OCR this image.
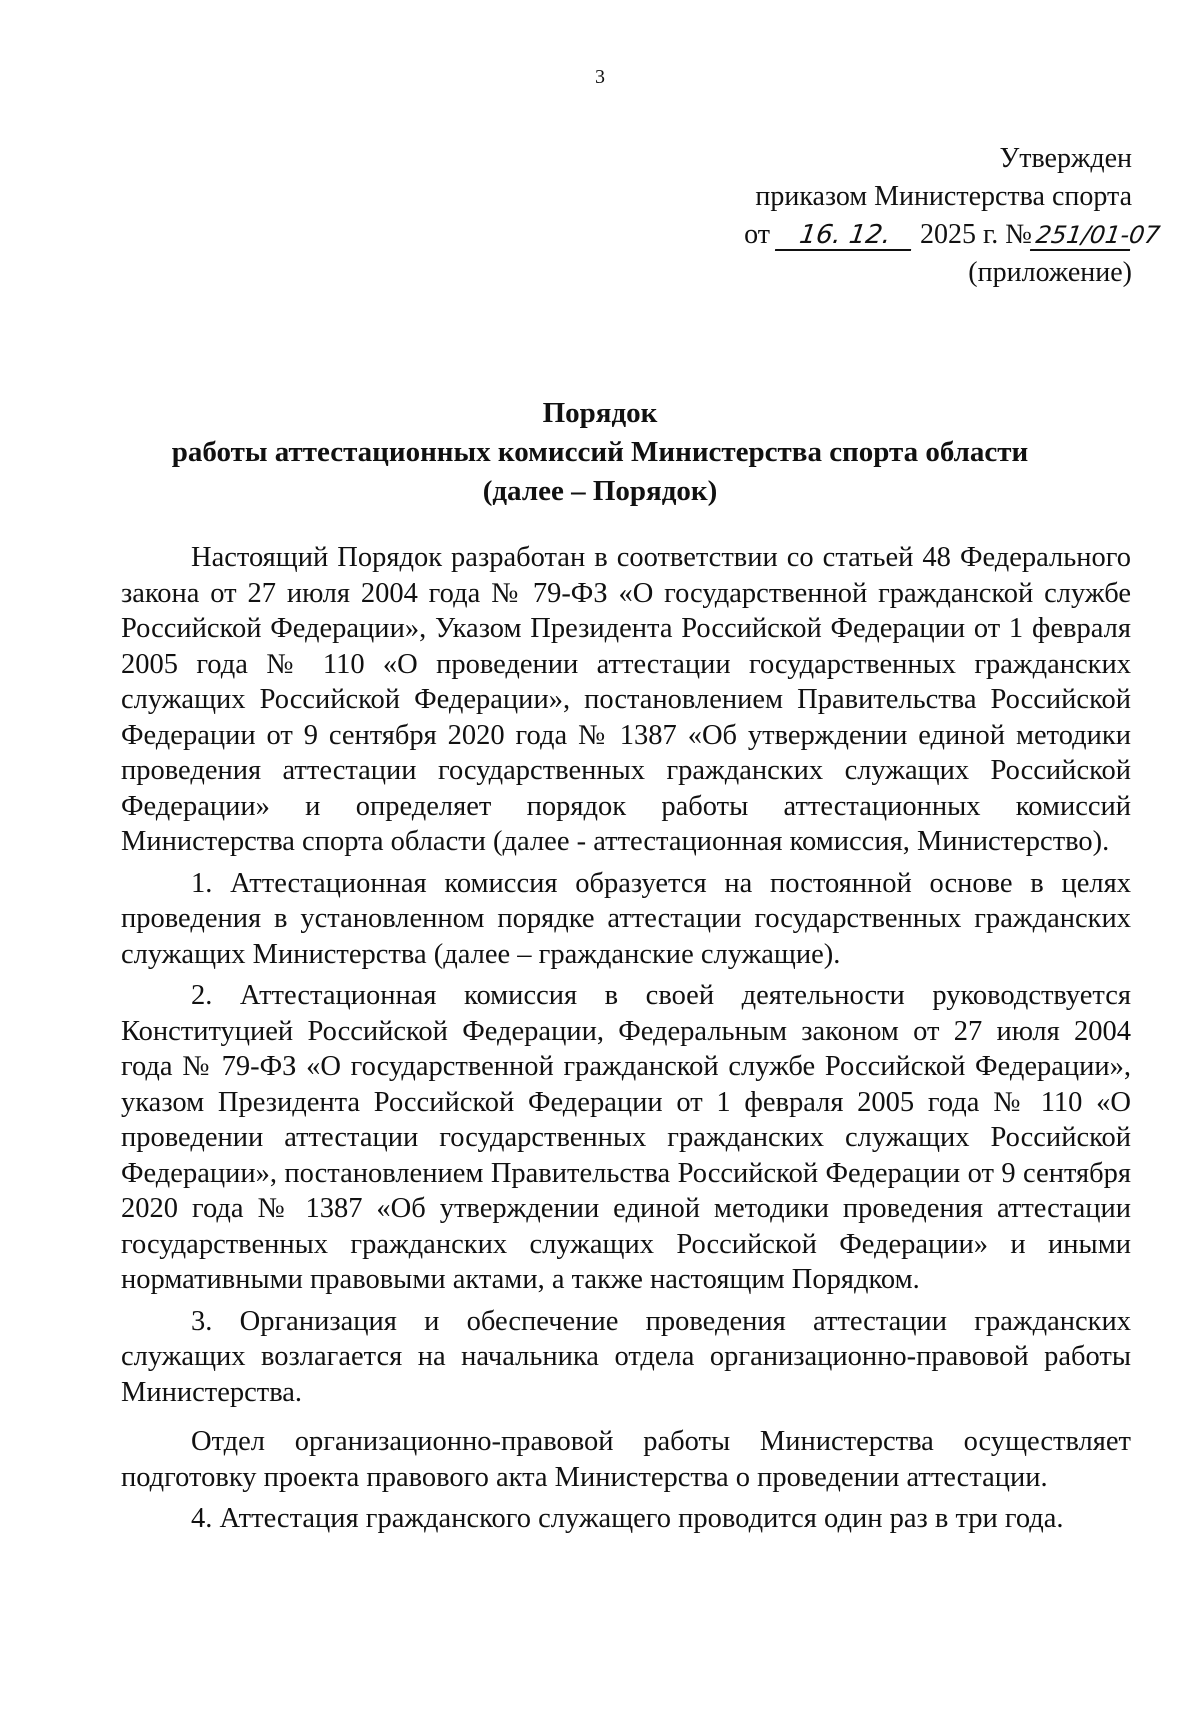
3
Утвержден
приказом Министерства спорта
от 16. 12. 2025 г. №251/01-07
(приложение)
Порядок
работы аттестационных комиссий Министерства спорта области
(далее – Порядок)

Настоящий Порядок разработан в соответствии со статьей 48 Федерального закона от 27 июля 2004 года № 79-ФЗ «О государственной гражданской службе Российской Федерации», Указом Президента Российской Федерации от 1 февраля 2005 года № 110 «О проведении аттестации государственных гражданских служащих Российской Федерации», постановлением Правительства Российской Федерации от 9 сентября 2020 года № 1387 «Об утверждении единой методики проведения аттестации государственных гражданских служащих Российской Федерации» и определяет порядок работы аттестационных комиссий Министерства спорта области (далее - аттестационная комиссия, Министерство).

1. Аттестационная комиссия образуется на постоянной основе в целях проведения в установленном порядке аттестации государственных гражданских служащих Министерства (далее – гражданские служащие).

2. Аттестационная комиссия в своей деятельности руководствуется Конституцией Российской Федерации, Федеральным законом от 27 июля 2004 года № 79-ФЗ «О государственной гражданской службе Российской Федерации», указом Президента Российской Федерации от 1 февраля 2005 года № 110 «О проведении аттестации государственных гражданских служащих Российской Федерации», постановлением Правительства Российской Федерации от 9 сентября 2020 года № 1387 «Об утверждении единой методики проведения аттестации государственных гражданских служащих Российской Федерации» и иными нормативными правовыми актами, а также настоящим Порядком.

3. Организация и обеспечение проведения аттестации гражданских служащих возлагается на начальника отдела организационно-правовой работы Министерства.

Отдел организационно-правовой работы Министерства осуществляет подготовку проекта правового акта Министерства о проведении аттестации.

4. Аттестация гражданского служащего проводится один раз в три года.
